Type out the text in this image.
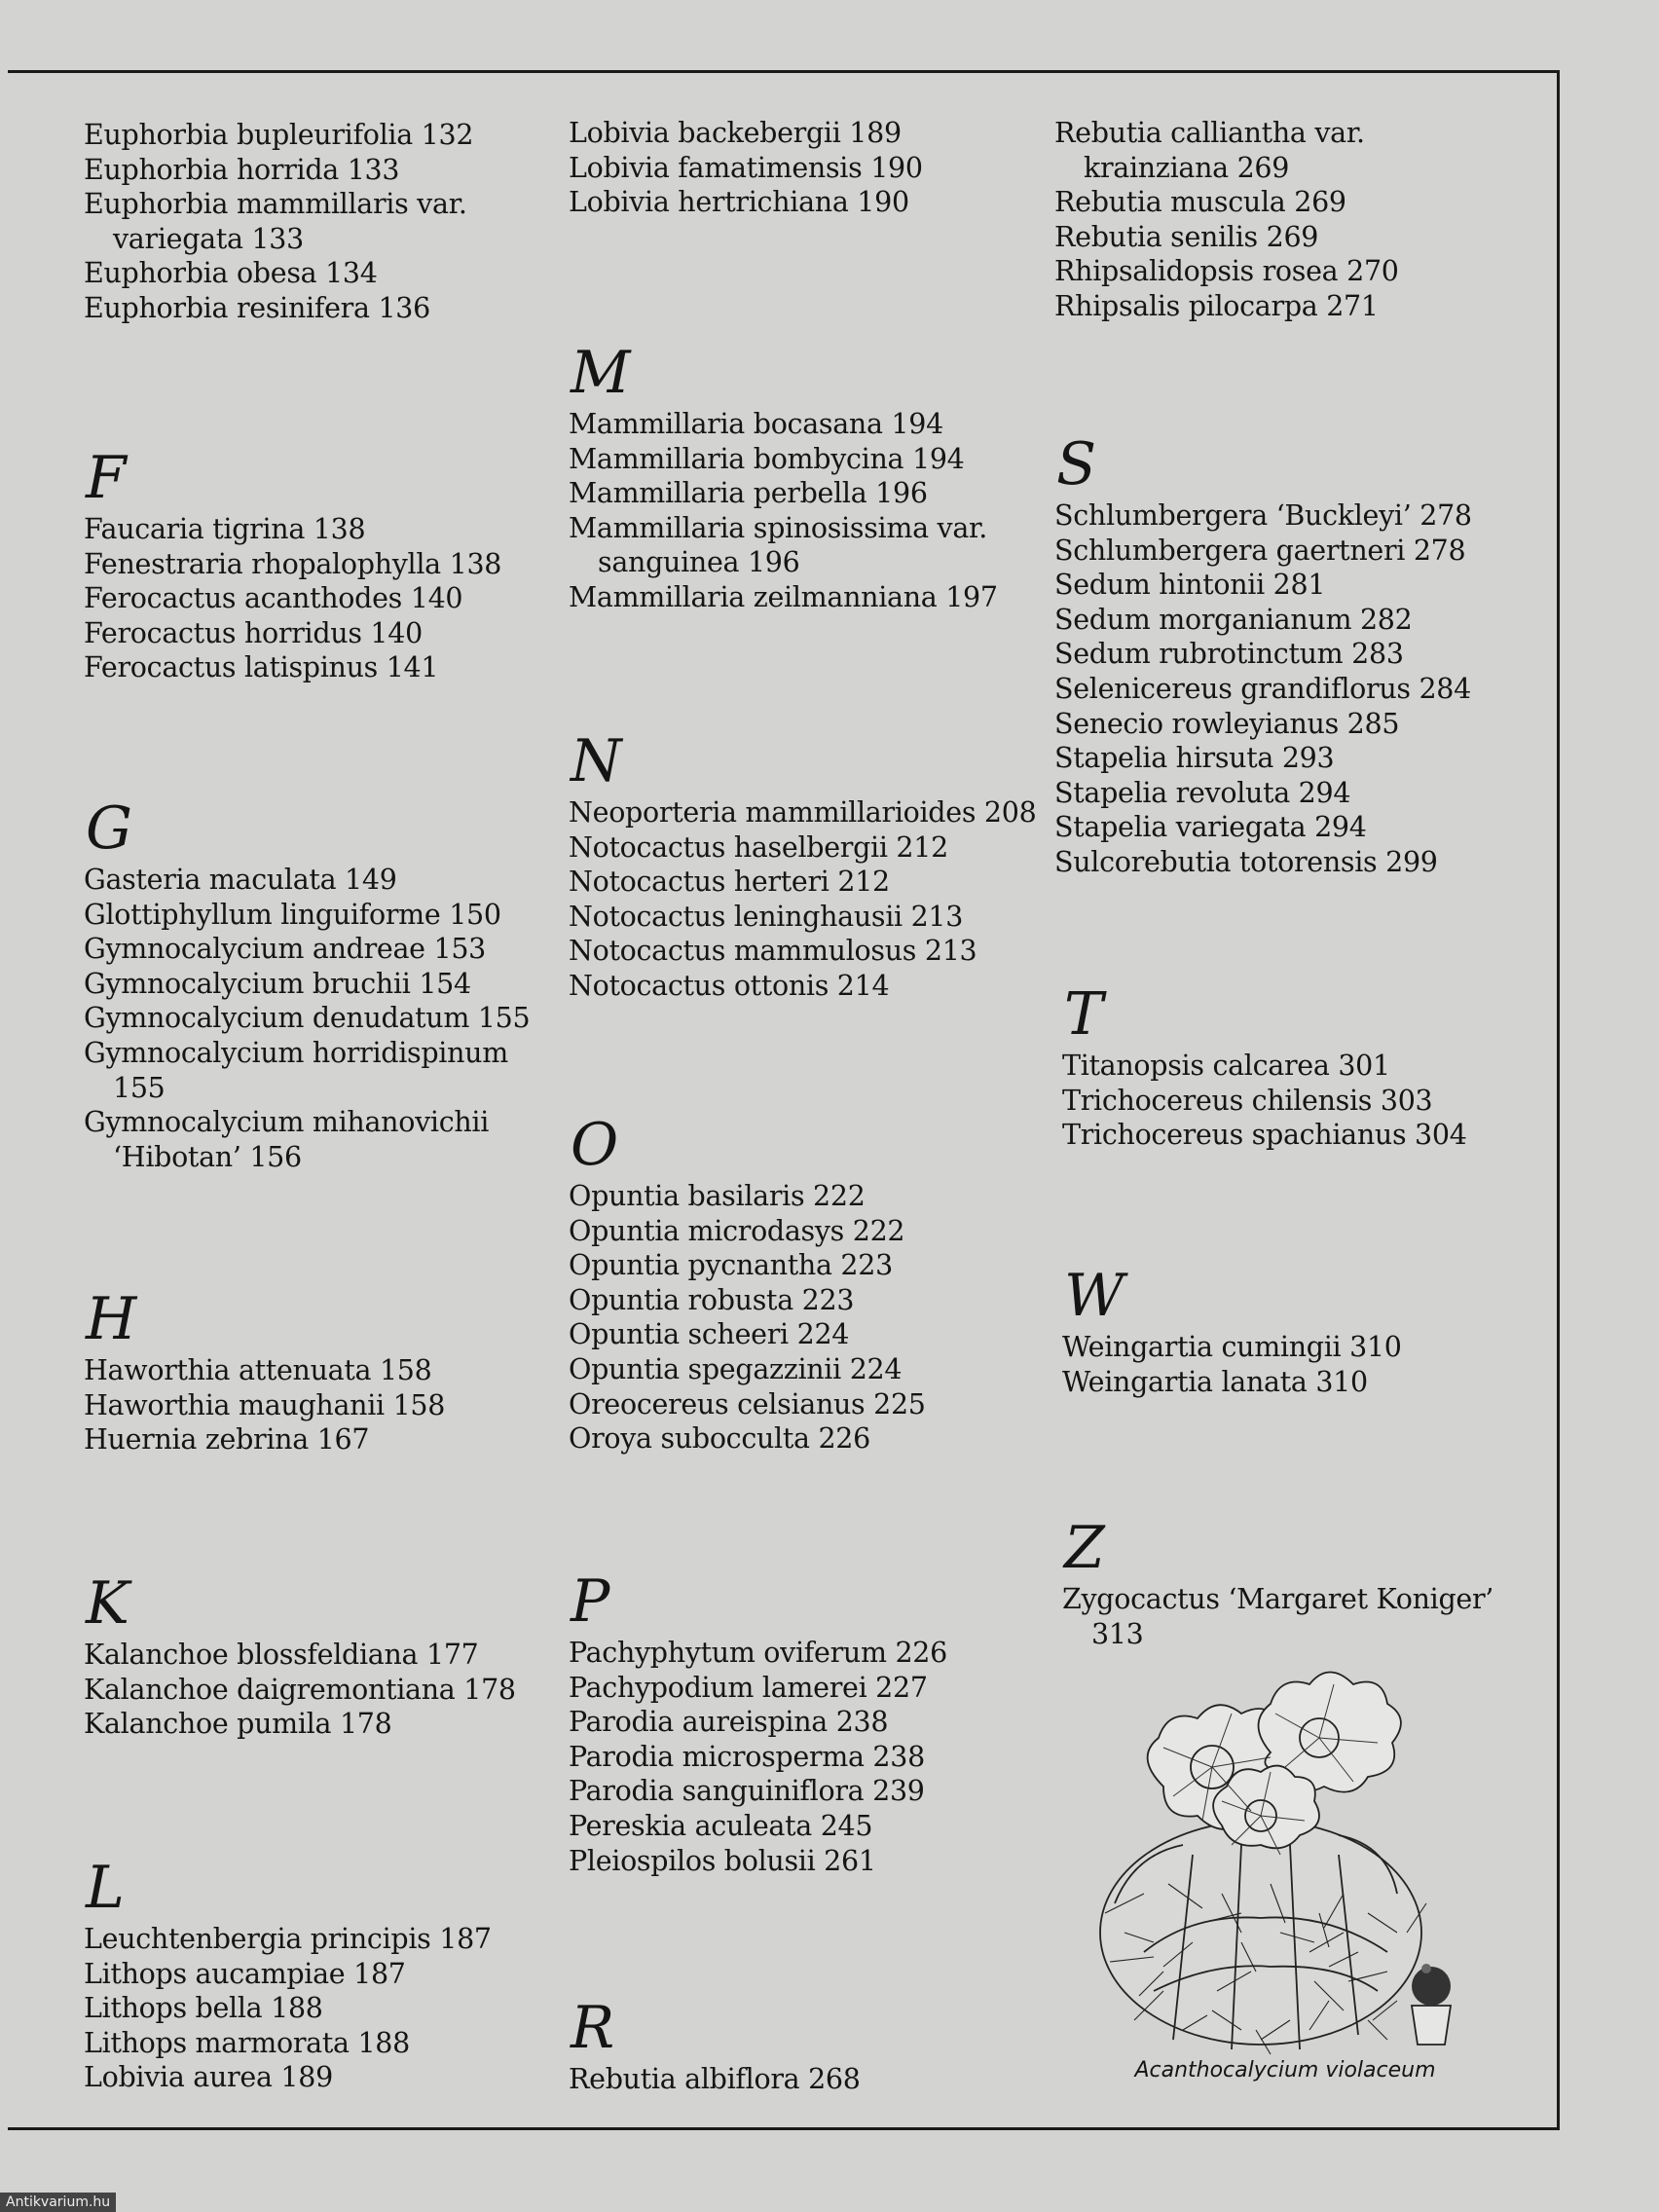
Euphorbia bupleurifolia 132
Euphorbia horrida 133
Euphorbia mammillaris var. variegata 133
Euphorbia obesa 134
Euphorbia resinifera 136
F
Faucaria tigrina 138
Fenestraria rhopalophylla 138
Ferocactus acanthodes 140
Ferocactus horridus 140
Ferocactus latispinus 141
G
Gasteria maculata 149
Glottiphyllum linguiforme 150
Gymnocalycium andreae 153
Gymnocalycium bruchii 154
Gymnocalycium denudatum 155
Gymnocalycium horridispinum 155
Gymnocalycium mihanovichii ‘Hibotan’ 156
H
Haworthia attenuata 158
Haworthia maughanii 158
Huernia zebrina 167
K
Kalanchoe blossfeldiana 177
Kalanchoe daigremontiana 178
Kalanchoe pumila 178
L
Leuchtenbergia principis 187
Lithops aucampiae 187
Lithops bella 188
Lithops marmorata 188
Lobivia aurea 189
Lobivia backebergii 189
Lobivia famatimensis 190
Lobivia hertrichiana 190
M
Mammillaria bocasana 194
Mammillaria bombycina 194
Mammillaria perbella 196
Mammillaria spinosissima var. sanguinea 196
Mammillaria zeilmanniana 197
N
Neoporteria mammillarioides 208
Notocactus haselbergii 212
Notocactus herteri 212
Notocactus leninghausii 213
Notocactus mammulosus 213
Notocactus ottonis 214
O
Opuntia basilaris 222
Opuntia microdasys 222
Opuntia pycnantha 223
Opuntia robusta 223
Opuntia scheeri 224
Opuntia spegazzinii 224
Oreocereus celsianus 225
Oroya subocculta 226
P
Pachyphytum oviferum 226
Pachypodium lamerei 227
Parodia aureispina 238
Parodia microsperma 238
Parodia sanguiniflora 239
Pereskia aculeata 245
Pleiospilos bolusii 261
R
Rebutia albiflora 268
Rebutia calliantha var. krainziana 269
Rebutia muscula 269
Rebutia senilis 269
Rhipsalidopsis rosea 270
Rhipsalis pilocarpa 271
S
Schlumbergera ‘Buckleyi’ 278
Schlumbergera gaertneri 278
Sedum hintonii 281
Sedum morganianum 282
Sedum rubrotinctum 283
Selenicereus grandiflorus 284
Senecio rowleyianus 285
Stapelia hirsuta 293
Stapelia revoluta 294
Stapelia variegata 294
Sulcorebutia totorensis 299
T
Titanopsis calcarea 301
Trichocereus chilensis 303
Trichocereus spachianus 304
W
Weingartia cumingii 310
Weingartia lanata 310
Z
Zygocactus ‘Margaret Koniger’ 313
Acanthocalycium violaceum
Antikvarium.hu
